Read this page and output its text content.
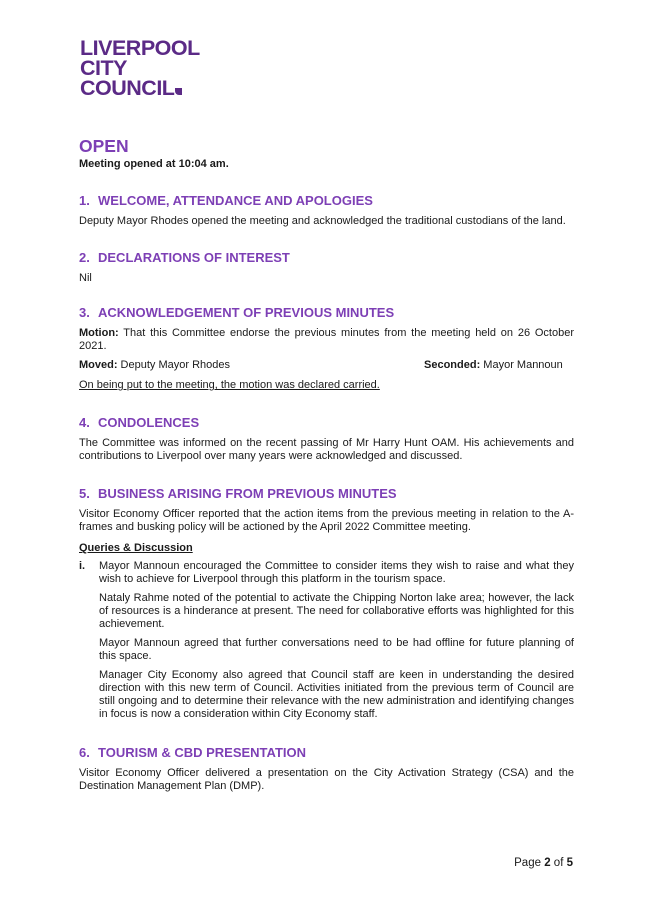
LIVERPOOL
CITY
COUNCIL
OPEN

Meeting opened at 10:04 am.

1. WELCOME, ATTENDANCE AND APOLOGIES

Deputy Mayor Rhodes opened the meeting and acknowledged the traditional custodians of the land.

2. DECLARATIONS OF INTEREST

Nil

3. ACKNOWLEDGEMENT OF PREVIOUS MINUTES

Motion: That this Committee endorse the previous minutes from the meeting held on 26 October 2021.

Moved: Deputy Mayor Rhodes	Seconded: Mayor Mannoun

On being put to the meeting, the motion was declared carried.

4. CONDOLENCES

The Committee was informed on the recent passing of Mr Harry Hunt OAM. His achievements and contributions to Liverpool over many years were acknowledged and discussed.

5. BUSINESS ARISING FROM PREVIOUS MINUTES

Visitor Economy Officer reported that the action items from the previous meeting in relation to the A-frames and busking policy will be actioned by the April 2022 Committee meeting.

Queries & Discussion

i. Mayor Mannoun encouraged the Committee to consider items they wish to raise and what they wish to achieve for Liverpool through this platform in the tourism space.

Nataly Rahme noted of the potential to activate the Chipping Norton lake area; however, the lack of resources is a hinderance at present. The need for collaborative efforts was highlighted for this achievement.

Mayor Mannoun agreed that further conversations need to be had offline for future planning of this space.

Manager City Economy also agreed that Council staff are keen in understanding the desired direction with this new term of Council. Activities initiated from the previous term of Council are still ongoing and to determine their relevance with the new administration and identifying changes in focus is now a consideration within City Economy staff.

6. TOURISM & CBD PRESENTATION

Visitor Economy Officer delivered a presentation on the City Activation Strategy (CSA) and the Destination Management Plan (DMP).

Page 2 of 5
